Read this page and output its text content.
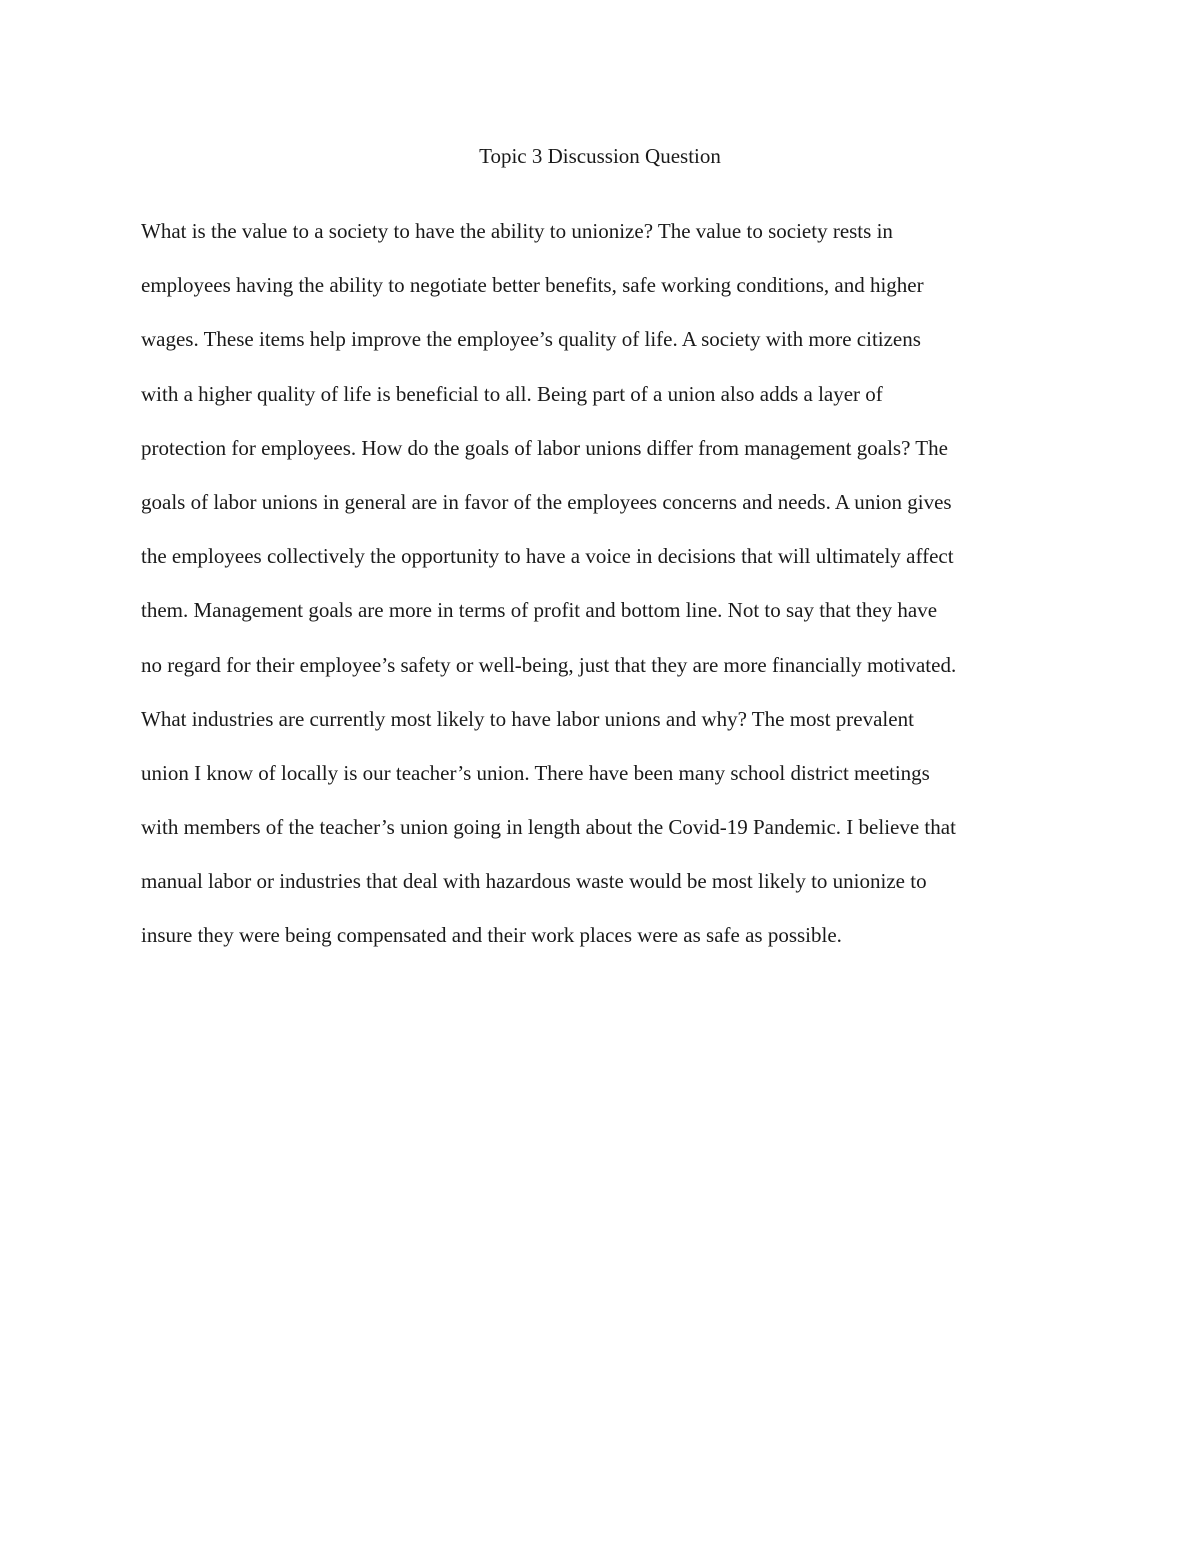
Topic 3 Discussion Question
What is the value to a society to have the ability to unionize? The value to society rests in
employees having the ability to negotiate better benefits, safe working conditions, and higher
wages. These items help improve the employee’s quality of life. A society with more citizens
with a higher quality of life is beneficial to all. Being part of a union also adds a layer of
protection for employees. How do the goals of labor unions differ from management goals? The
goals of labor unions in general are in favor of the employees concerns and needs. A union gives
the employees collectively the opportunity to have a voice in decisions that will ultimately affect
them. Management goals are more in terms of profit and bottom line. Not to say that they have
no regard for their employee’s safety or well-being, just that they are more financially motivated.
What industries are currently most likely to have labor unions and why? The most prevalent
union I know of locally is our teacher’s union. There have been many school district meetings
with members of the teacher’s union going in length about the Covid-19 Pandemic. I believe that
manual labor or industries that deal with hazardous waste would be most likely to unionize to
insure they were being compensated and their work places were as safe as possible.
